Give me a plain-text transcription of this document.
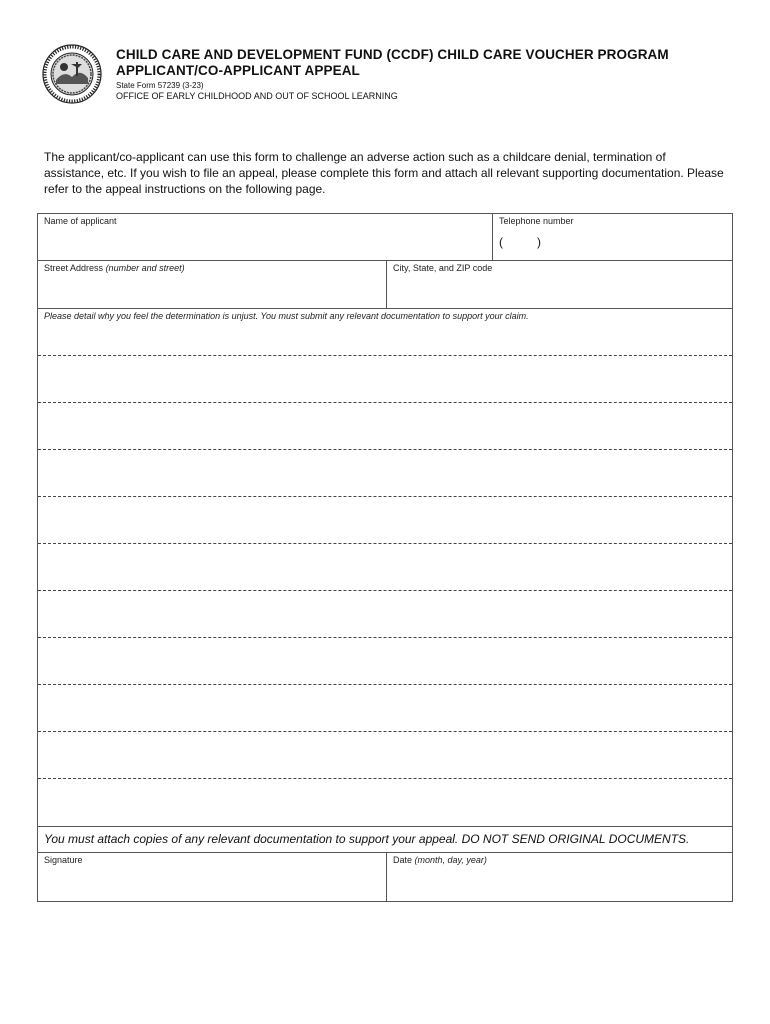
CHILD CARE AND DEVELOPMENT FUND (CCDF) CHILD CARE VOUCHER PROGRAM
APPLICANT/CO-APPLICANT APPEAL
State Form 57239 (3-23)
OFFICE OF EARLY CHILDHOOD AND OUT OF SCHOOL LEARNING
The applicant/co-applicant can use this form to challenge an adverse action such as a childcare denial, termination of assistance, etc. If you wish to file an appeal, please complete this form and attach all relevant supporting documentation. Please refer to the appeal instructions on the following page.
Name of applicant	Telephone number
(	)
Street Address (number and street)	City, State, and ZIP code
Please detail why you feel the determination is unjust. You must submit any relevant documentation to support your claim.
You must attach copies of any relevant documentation to support your appeal. DO NOT SEND ORIGINAL DOCUMENTS.
Signature	Date (month, day, year)
